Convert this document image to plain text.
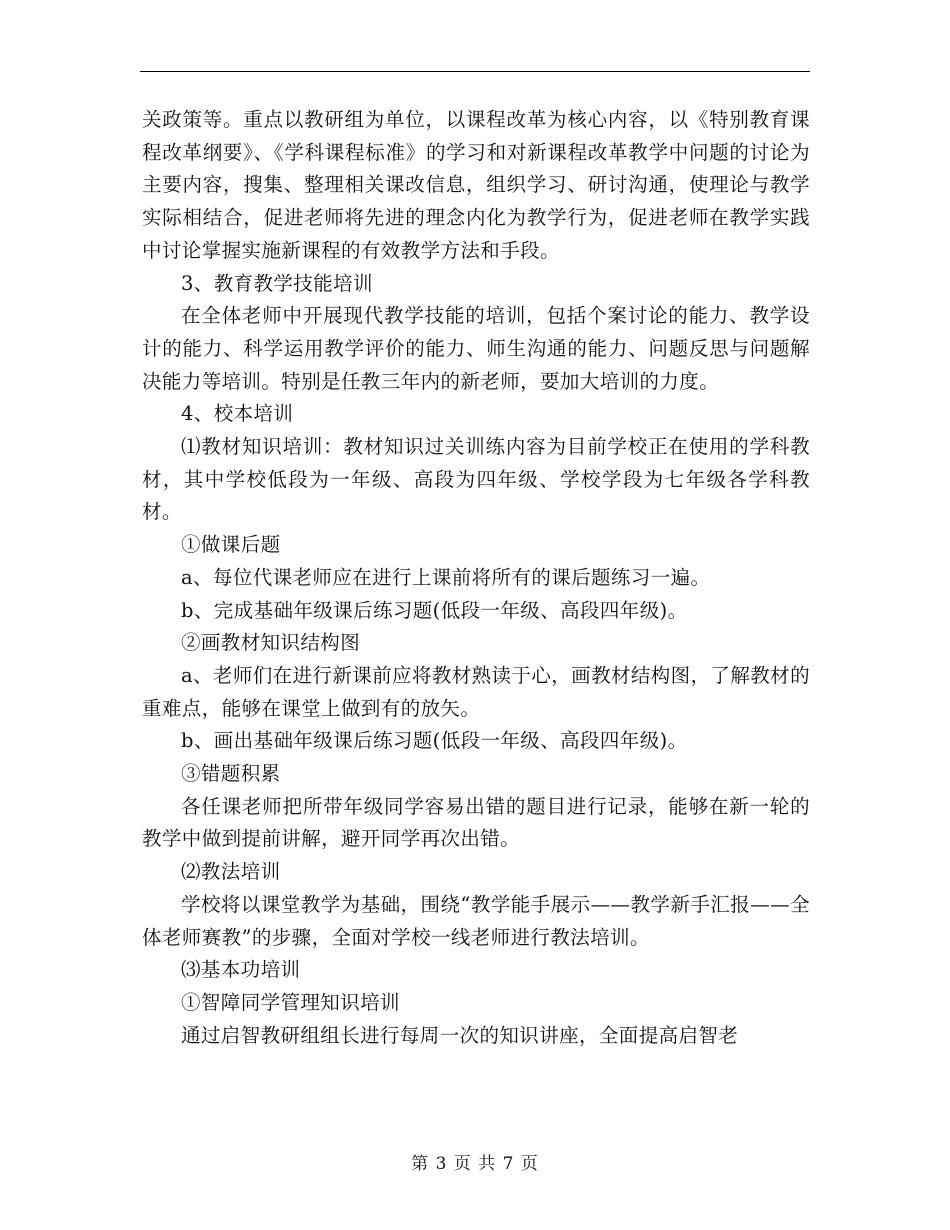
关政策等。重点以教研组为单位，以课程改革为核心内容，以《特别教育课程改革纲要》、《学科课程标准》的学习和对新课程改革教学中问题的讨论为主要内容，搜集、整理相关课改信息，组织学习、研讨沟通，使理论与教学实际相结合，促进老师将先进的理念内化为教学行为，促进老师在教学实践中讨论掌握实施新课程的有效教学方法和手段。

3、教育教学技能培训

在全体老师中开展现代教学技能的培训，包括个案讨论的能力、教学设计的能力、科学运用教学评价的能力、师生沟通的能力、问题反思与问题解决能力等培训。特别是任教三年内的新老师，要加大培训的力度。

4、校本培训

⑴教材知识培训：教材知识过关训练内容为目前学校正在使用的学科教材，其中学校低段为一年级、高段为四年级、学校学段为七年级各学科教材。

①做课后题

a、每位代课老师应在进行上课前将所有的课后题练习一遍。

b、完成基础年级课后练习题(低段一年级、高段四年级)。

②画教材知识结构图

a、老师们在进行新课前应将教材熟读于心，画教材结构图，了解教材的重难点，能够在课堂上做到有的放矢。

b、画出基础年级课后练习题(低段一年级、高段四年级)。

③错题积累

各任课老师把所带年级同学容易出错的题目进行记录，能够在新一轮的教学中做到提前讲解，避开同学再次出错。

⑵教法培训

学校将以课堂教学为基础，围绕“教学能手展示——教学新手汇报——全体老师赛教”的步骤，全面对学校一线老师进行教法培训。

⑶基本功培训

①智障同学管理知识培训

通过启智教研组组长进行每周一次的知识讲座，全面提高启智老

第 3 页 共 7 页
